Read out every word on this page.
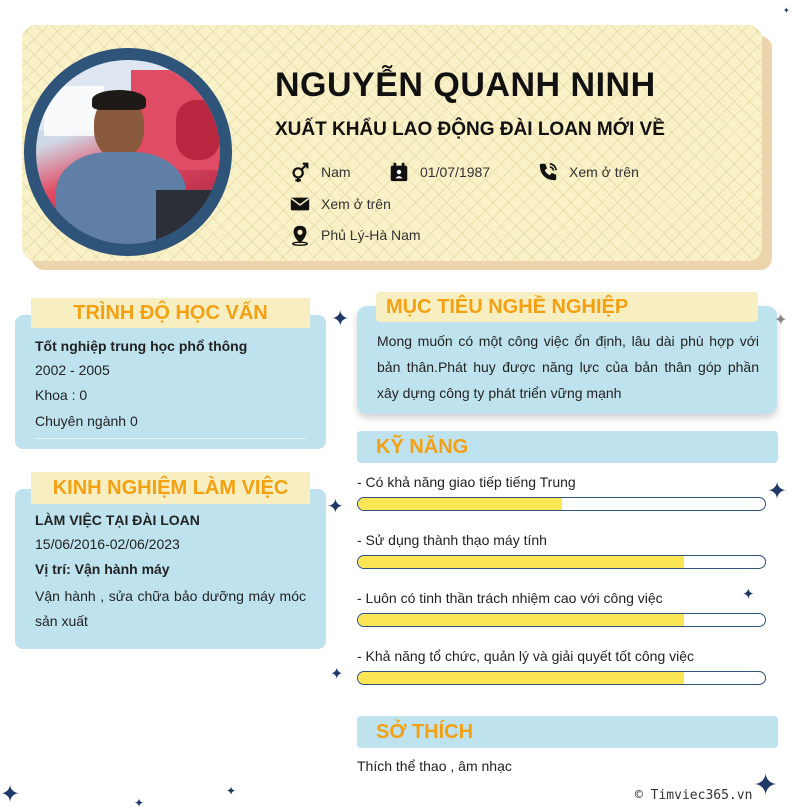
NGUYỄN QUANH NINH
XUẤT KHẨU LAO ĐỘNG ĐÀI LOAN MỚI VỀ
Nam	01/07/1987	Xem ở trên
Xem ở trên
Phủ Lý-Hà Nam
TRÌNH ĐỘ HỌC VẤN
Tốt nghiệp trung học phổ thông
2002 - 2005
Khoa : 0
Chuyên ngành 0
KINH NGHIỆM LÀM VIỆC
LÀM VIỆC TẠI ĐÀI LOAN
15/06/2016-02/06/2023
Vị trí: Vận hành máy
Vận hành , sửa chữa bảo dưỡng máy móc sản xuất
MỤC TIÊU NGHỀ NGHIỆP
Mong muốn có một công việc ổn định, lâu dài phù hợp với bản thân.Phát huy được năng lực của bản thân góp phần xây dựng công ty phát triển vững mạnh
KỸ NĂNG
- Có khả năng giao tiếp tiếng Trung
- Sử dụng thành thạo máy tính
- Luôn có tinh thần trách nhiệm cao với công việc
- Khả năng tổ chức, quản lý và giải quyết tốt công việc
SỞ THÍCH
Thích thể thao , âm nhạc
✦
✦
✦
✦
✦
✦
✦
✦
✦
✦
✦
© Timviec365.vn
